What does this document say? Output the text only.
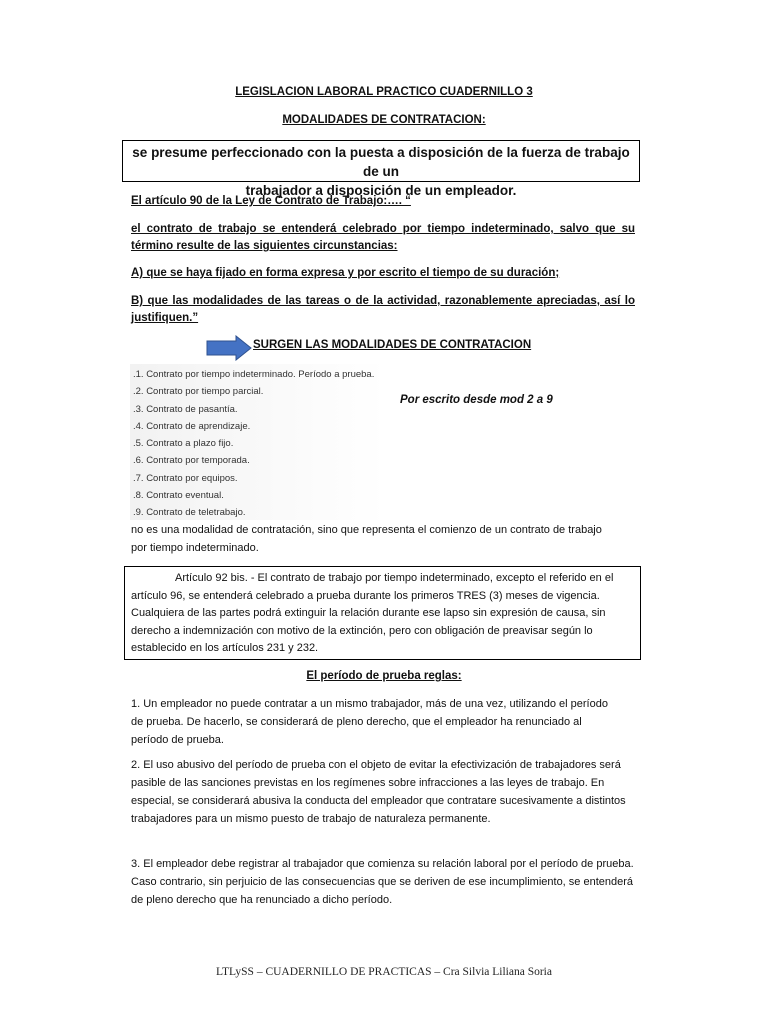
LEGISLACION LABORAL PRACTICO CUADERNILLO 3
MODALIDADES DE CONTRATACION:
se presume perfeccionado con la puesta a disposición de la fuerza de trabajo de un
trabajador a disposición de un empleador.
El artículo 90 de la Ley de Contrato de Trabajo:…. “
el contrato de trabajo se entenderá celebrado por tiempo indeterminado, salvo que su término resulte de las siguientes circunstancias:
A) que se haya fijado en forma expresa y por escrito el tiempo de su duración;
B) que las modalidades de las tareas o de la actividad, razonablemente apreciadas, así lo justifiquen.”
SURGEN LAS MODALIDADES DE CONTRATACION
.1. Contrato por tiempo indeterminado. Período a prueba.
.2. Contrato por tiempo parcial.
.3. Contrato de pasantía.
.4. Contrato de aprendizaje.
.5. Contrato a plazo fijo.
.6. Contrato por temporada.
.7. Contrato por equipos.
.8. Contrato eventual.
.9. Contrato de teletrabajo.
Por escrito desde mod 2 a 9
no es una modalidad de contratación, sino que representa el comienzo de un contrato de trabajo por tiempo indeterminado.
Artículo 92 bis. - El contrato de trabajo por tiempo indeterminado, excepto el referido en el artículo 96, se entenderá celebrado a prueba durante los primeros TRES (3) meses de vigencia. Cualquiera de las partes podrá extinguir la relación durante ese lapso sin expresión de causa, sin derecho a indemnización con motivo de la extinción, pero con obligación de preavisar según lo establecido en los artículos 231 y 232.
El período de prueba reglas:
1. Un empleador no puede contratar a un mismo trabajador, más de una vez, utilizando el período de prueba. De hacerlo, se considerará de pleno derecho, que el empleador ha renunciado al período de prueba.
2. El uso abusivo del período de prueba con el objeto de evitar la efectivización de trabajadores será pasible de las sanciones previstas en los regímenes sobre infracciones a las leyes de trabajo. En especial, se considerará abusiva la conducta del empleador que contratare sucesivamente a distintos trabajadores para un mismo puesto de trabajo de naturaleza permanente.
3. El empleador debe registrar al trabajador que comienza su relación laboral por el período de prueba. Caso contrario, sin perjuicio de las consecuencias que se deriven de ese incumplimiento, se entenderá de pleno derecho que ha renunciado a dicho período.
LTLySS – CUADERNILLO DE PRACTICAS – Cra Silvia Liliana Soria
